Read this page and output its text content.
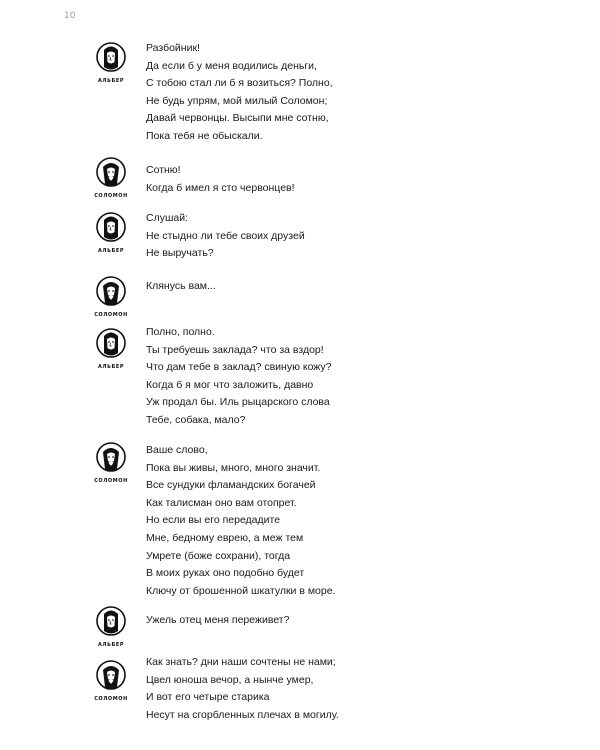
10
АЛЬБЕР
Разбойник!
Да если б у меня водились деньги,
С тобою стал ли б я возиться? Полно,
Не будь упрям, мой милый Соломон;
Давай червонцы. Высыпи мне сотню,
Пока тебя не обыскали.
СОЛОМОН
Сотню!
Когда б имел я сто червонцев!
АЛЬБЕР
Слушай:
Не стыдно ли тебе своих друзей
Не выручать?
СОЛОМОН
Клянусь вам...
АЛЬБЕР
Полно, полно.
Ты требуешь заклада? что за вздор!
Что дам тебе в заклад? свиную кожу?
Когда б я мог что заложить, давно
Уж продал бы. Иль рыцарского слова
Тебе, собака, мало?
СОЛОМОН
Ваше слово,
Пока вы живы, много, много значит.
Все сундуки фламандских богачей
Как талисман оно вам отопрет.
Но если вы его передадите
Мне, бедному еврею, а меж тем
Умрете (боже сохрани), тогда
В моих руках оно подобно будет
Ключу от брошенной шкатулки в море.
АЛЬБЕР
Ужель отец меня переживет?
СОЛОМОН
Как знать? дни наши сочтены не нами;
Цвел юноша вечор, а нынче умер,
И вот его четыре старика
Несут на сгорбленных плечах в могилу.
